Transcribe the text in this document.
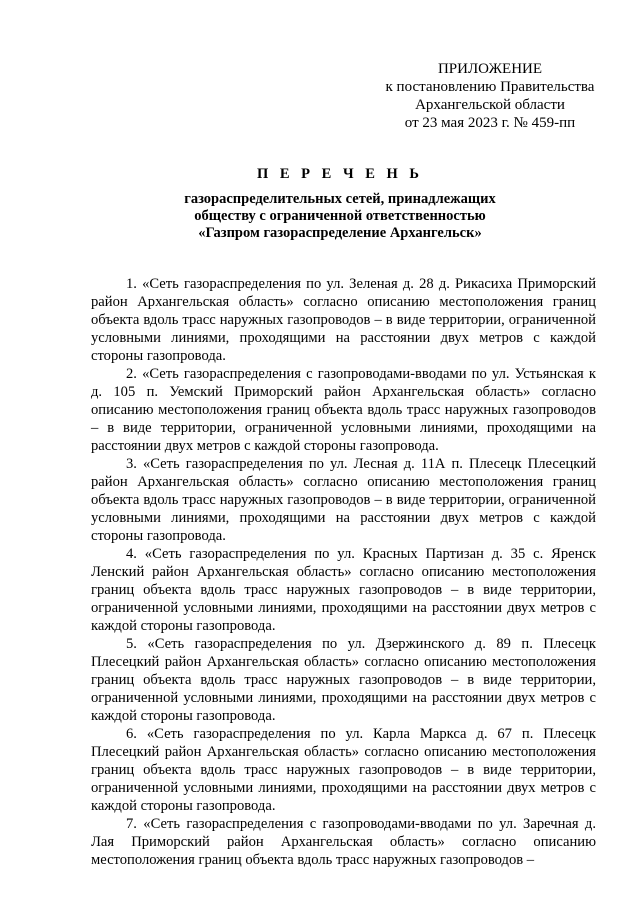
ПРИЛОЖЕНИЕ
к постановлению Правительства
Архангельской области
от 23 мая 2023 г. № 459-пп
П Е Р Е Ч Е Н Ь
газораспределительных сетей, принадлежащих
обществу с ограниченной ответственностью
«Газпром газораспределение Архангельск»

1. «Сеть газораспределения по ул. Зеленая д. 28 д. Рикасиха Приморский район Архангельская область» согласно описанию местоположения границ объекта вдоль трасс наружных газопроводов – в виде территории, ограниченной условными линиями, проходящими на расстоянии двух метров с каждой стороны газопровода.

2. «Сеть газораспределения с газопроводами-вводами по ул. Устьянская к д. 105 п. Уемский Приморский район Архангельская область» согласно описанию местоположения границ объекта вдоль трасс наружных газопроводов – в виде территории, ограниченной условными линиями, проходящими на расстоянии двух метров с каждой стороны газопровода.

3. «Сеть газораспределения по ул. Лесная д. 11А п. Плесецк Плесецкий район Архангельская область» согласно описанию местоположения границ объекта вдоль трасс наружных газопроводов – в виде территории, ограниченной условными линиями, проходящими на расстоянии двух метров с каждой стороны газопровода.

4. «Сеть газораспределения по ул. Красных Партизан д. 35 с. Яренск Ленский район Архангельская область» согласно описанию местоположения границ объекта вдоль трасс наружных газопроводов – в виде территории, ограниченной условными линиями, проходящими на расстоянии двух метров с каждой стороны газопровода.

5. «Сеть газораспределения по ул. Дзержинского д. 89 п. Плесецк Плесецкий район Архангельская область» согласно описанию местоположения границ объекта вдоль трасс наружных газопроводов – в виде территории, ограниченной условными линиями, проходящими на расстоянии двух метров с каждой стороны газопровода.

6. «Сеть газораспределения по ул. Карла Маркса д. 67 п. Плесецк Плесецкий район Архангельская область» согласно описанию местоположения границ объекта вдоль трасс наружных газопроводов – в виде территории, ограниченной условными линиями, проходящими на расстоянии двух метров с каждой стороны газопровода.

7. «Сеть газораспределения с газопроводами-вводами по ул. Заречная д. Лая Приморский район Архангельская область» согласно описанию местоположения границ объекта вдоль трасс наружных газопроводов –
